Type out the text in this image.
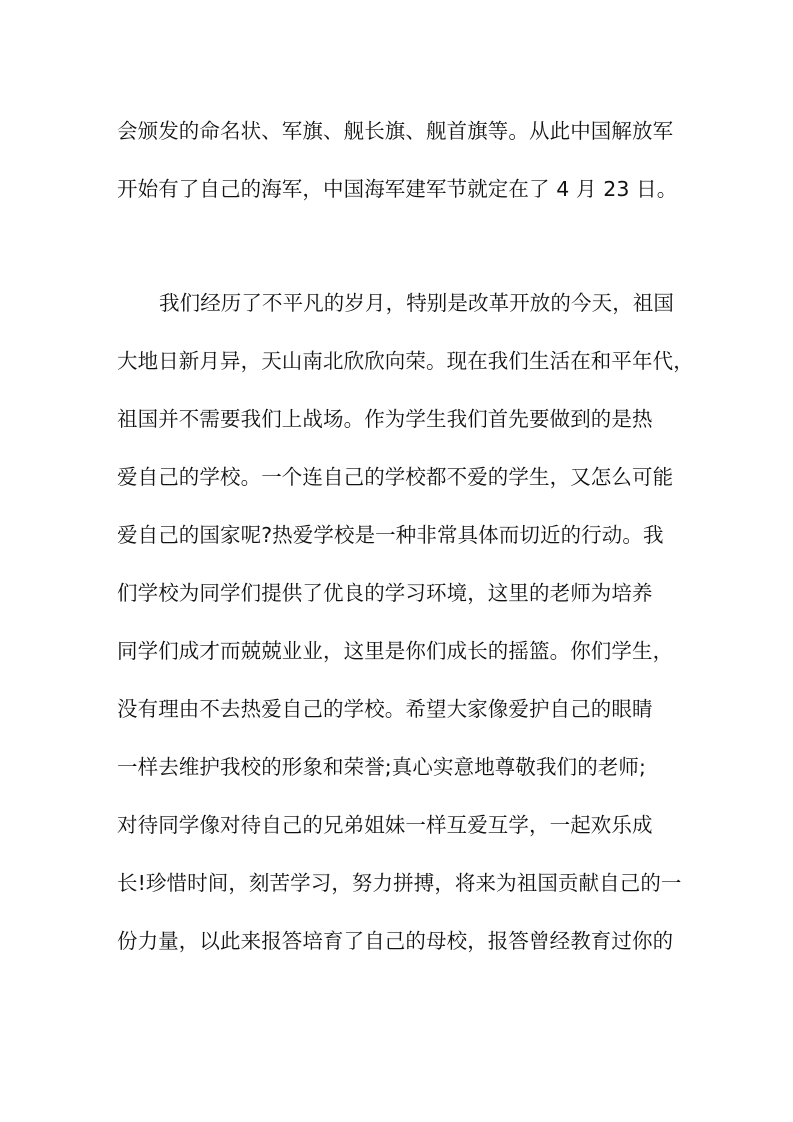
会颁发的命名状、军旗、舰长旗、舰首旗等。从此中国解放军
开始有了自己的海军，中国海军建军节就定在了 4 月 23 日。
我们经历了不平凡的岁月，特别是改革开放的今天，祖国
大地日新月异，天山南北欣欣向荣。现在我们生活在和平年代，
祖国并不需要我们上战场。作为学生我们首先要做到的是热
爱自己的学校。一个连自己的学校都不爱的学生，又怎么可能
爱自己的国家呢?热爱学校是一种非常具体而切近的行动。我
们学校为同学们提供了优良的学习环境，这里的老师为培养
同学们成才而兢兢业业，这里是你们成长的摇篮。你们学生，
没有理由不去热爱自己的学校。希望大家像爱护自己的眼睛
一样去维护我校的形象和荣誉;真心实意地尊敬我们的老师;
对待同学像对待自己的兄弟姐妹一样互爱互学，一起欢乐成
长!珍惜时间，刻苦学习，努力拼搏，将来为祖国贡献自己的一
份力量，以此来报答培育了自己的母校，报答曾经教育过你的
